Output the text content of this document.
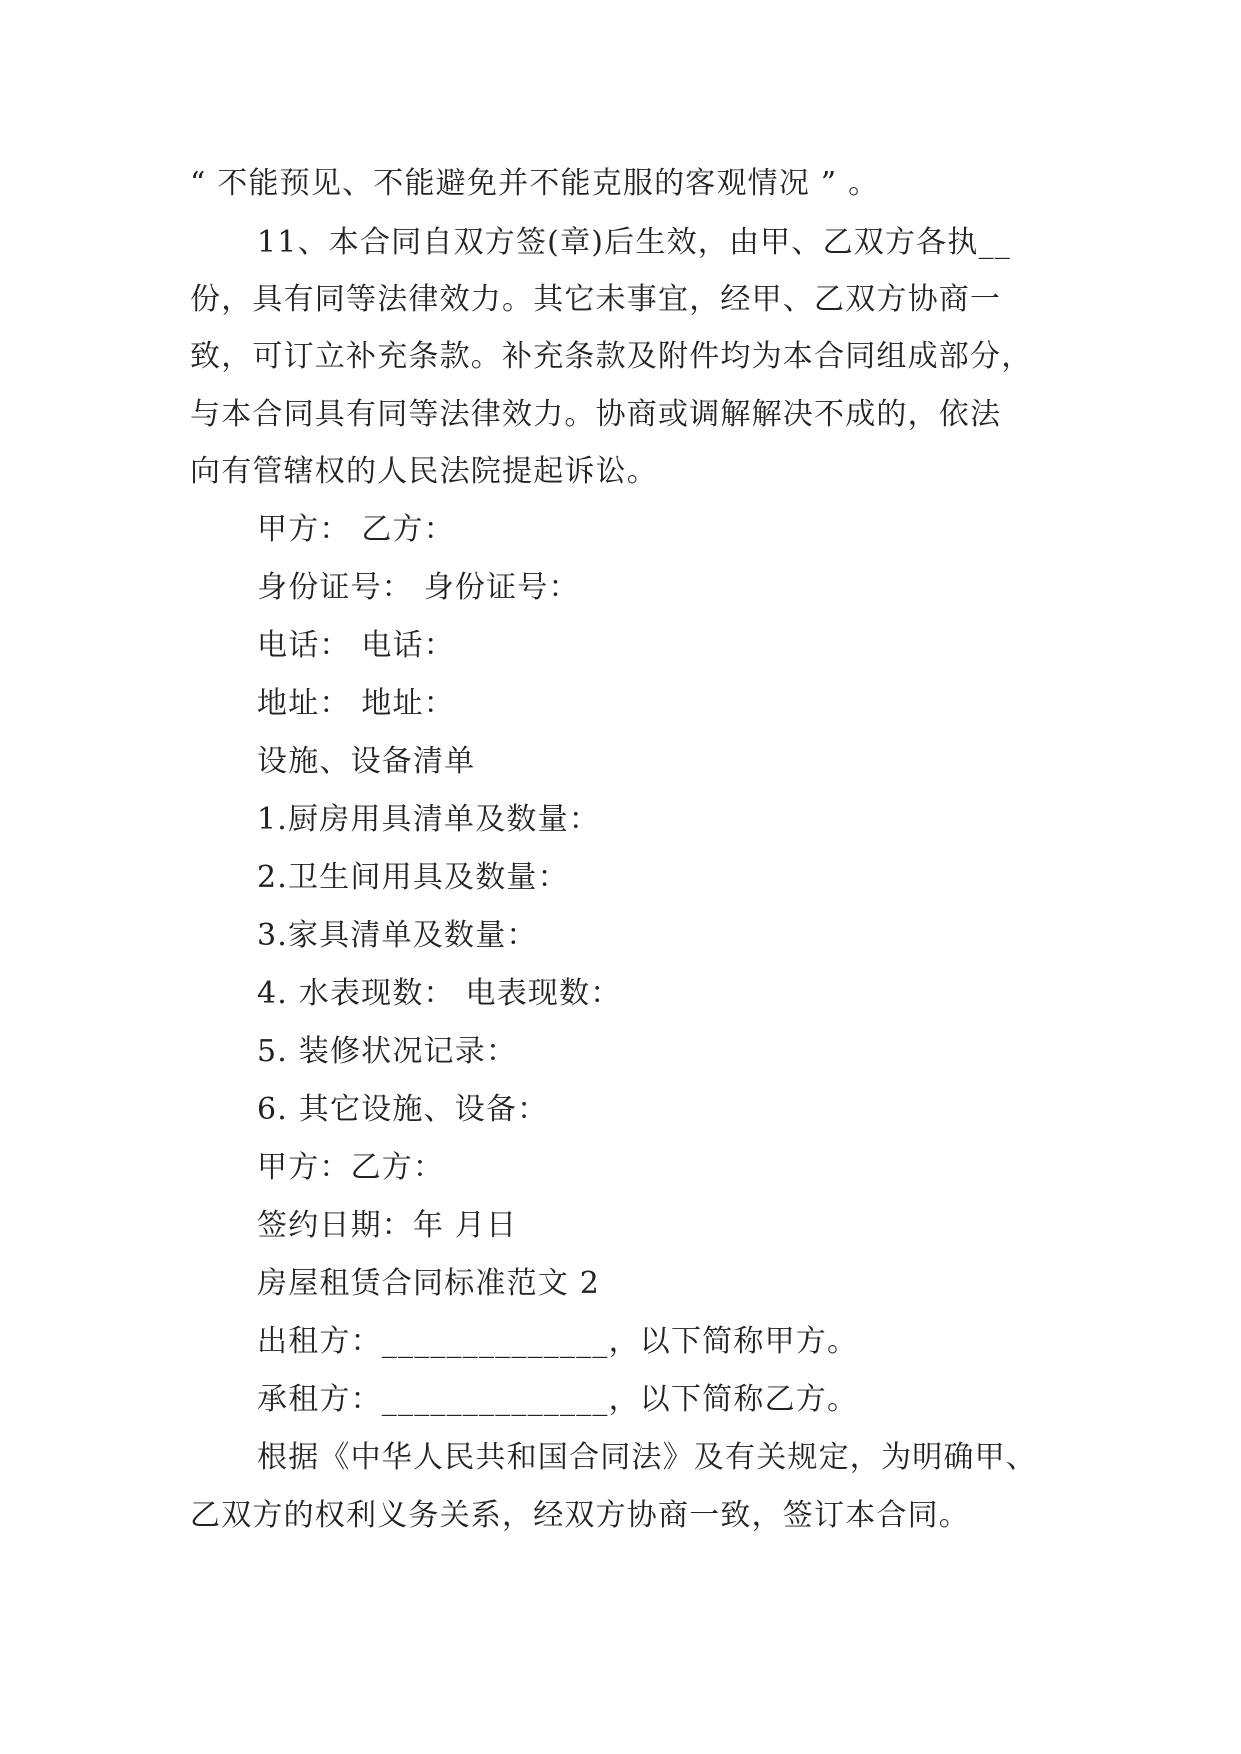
“ 不能预见、不能避免并不能克服的客观情况 ” 。
11、本合同自双方签(章)后生效，由甲、乙双方各执__
份，具有同等法律效力。其它未事宜，经甲、乙双方协商一
致，可订立补充条款。补充条款及附件均为本合同组成部分，
与本合同具有同等法律效力。协商或调解解决不成的，依法
向有管辖权的人民法院提起诉讼。
甲方： 乙方：
身份证号： 身份证号：
电话： 电话：
地址： 地址：
设施、设备清单
1.厨房用具清单及数量：
2.卫生间用具及数量：
3.家具清单及数量：
4. 水表现数： 电表现数：
5. 装修状况记录：
6. 其它设施、设备：
甲方：乙方：
签约日期：年 月日
房屋租赁合同标准范文 2
出租方：______________，以下简称甲方。
承租方：______________，以下简称乙方。
根据《中华人民共和国合同法》及有关规定，为明确甲、
乙双方的权利义务关系，经双方协商一致，签订本合同。
